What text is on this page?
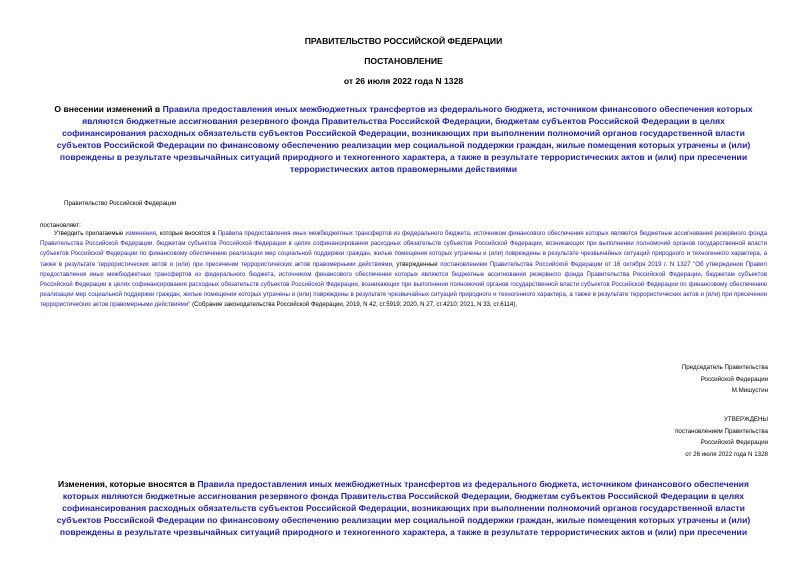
ПРАВИТЕЛЬСТВО РОССИЙСКОЙ ФЕДЕРАЦИИ
ПОСТАНОВЛЕНИЕ
от 26 июля 2022 года N 1328
О внесении изменений в Правила предоставления иных межбюджетных трансфертов из федерального бюджета, источником финансового обеспечения которых являются бюджетные ассигнования резервного фонда Правительства Российской Федерации, бюджетам субъектов Российской Федерации в целях софинансирования расходных обязательств субъектов Российской Федерации, возникающих при выполнении полномочий органов государственной власти субъектов Российской Федерации по финансовому обеспечению реализации мер социальной поддержки граждан, жилые помещения которых утрачены и (или) повреждены в результате чрезвычайных ситуаций природного и техногенного характера, а также в результате террористических актов и (или) при пресечении террористических актов правомерными действиями
Правительство Российской Федерации
постановляет:
Утвердить прилагаемые изменения, которые вносятся в Правила предоставления иных межбюджетных трансфертов из федерального бюджета, источником финансового обеспечения которых являются бюджетные ассигнования резервного фонда Правительства Российской Федерации, бюджетам субъектов Российской Федерации в целях софинансирования расходных обязательств субъектов Российской Федерации, возникающих при выполнении полномочий органов государственной власти субъектов Российской Федерации по финансовому обеспечению реализации мер социальной поддержки граждан, жилые помещения которых утрачены и (или) повреждены в результате чрезвычайных ситуаций природного и техногенного характера, а также в результате террористических актов и (или) при пресечении террористических актов правомерными действиями, утвержденные постановлением Правительства Российской Федерации от 16 октября 2019 г. N 1327 "Об утверждении Правил предоставления иных межбюджетных трансфертов из федерального бюджета, источником финансового обеспечения которых являются бюджетные ассигнования резервного фонда Правительства Российской Федерации, бюджетам субъектов Российской Федерации в целях софинансирования расходных обязательств субъектов Российской Федерации, возникающих при выполнении полномочий органов государственной власти субъектов Российской Федерации по финансовому обеспечению реализации мер социальной поддержки граждан, жилые помещения которых утрачены и (или) повреждены в результате чрезвычайных ситуаций природного и техногенного характера, а также в результате террористических актов и (или) при пресечении террористических актов правомерными действиями" (Собрание законодательства Российской Федерации, 2019, N 42, ст.5919; 2020, N 27, ст.4210; 2021, N 33, ст.6114).
Председатель Правительства
Российской Федерации
М.Мишустин
УТВЕРЖДЕНЫ
постановлением Правительства
Российской Федерации
от 26 июля 2022 года N 1328
Изменения, которые вносятся в Правила предоставления иных межбюджетных трансфертов из федерального бюджета, источником финансового обеспечения которых являются бюджетные ассигнования резервного фонда Правительства Российской Федерации, бюджетам субъектов Российской Федерации в целях софинансирования расходных обязательств субъектов Российской Федерации, возникающих при выполнении полномочий органов государственной власти субъектов Российской Федерации по финансовому обеспечению реализации мер социальной поддержки граждан, жилые помещения которых утрачены и (или) повреждены в результате чрезвычайных ситуаций природного и техногенного характера, а также в результате террористических актов и (или) при пресечении
